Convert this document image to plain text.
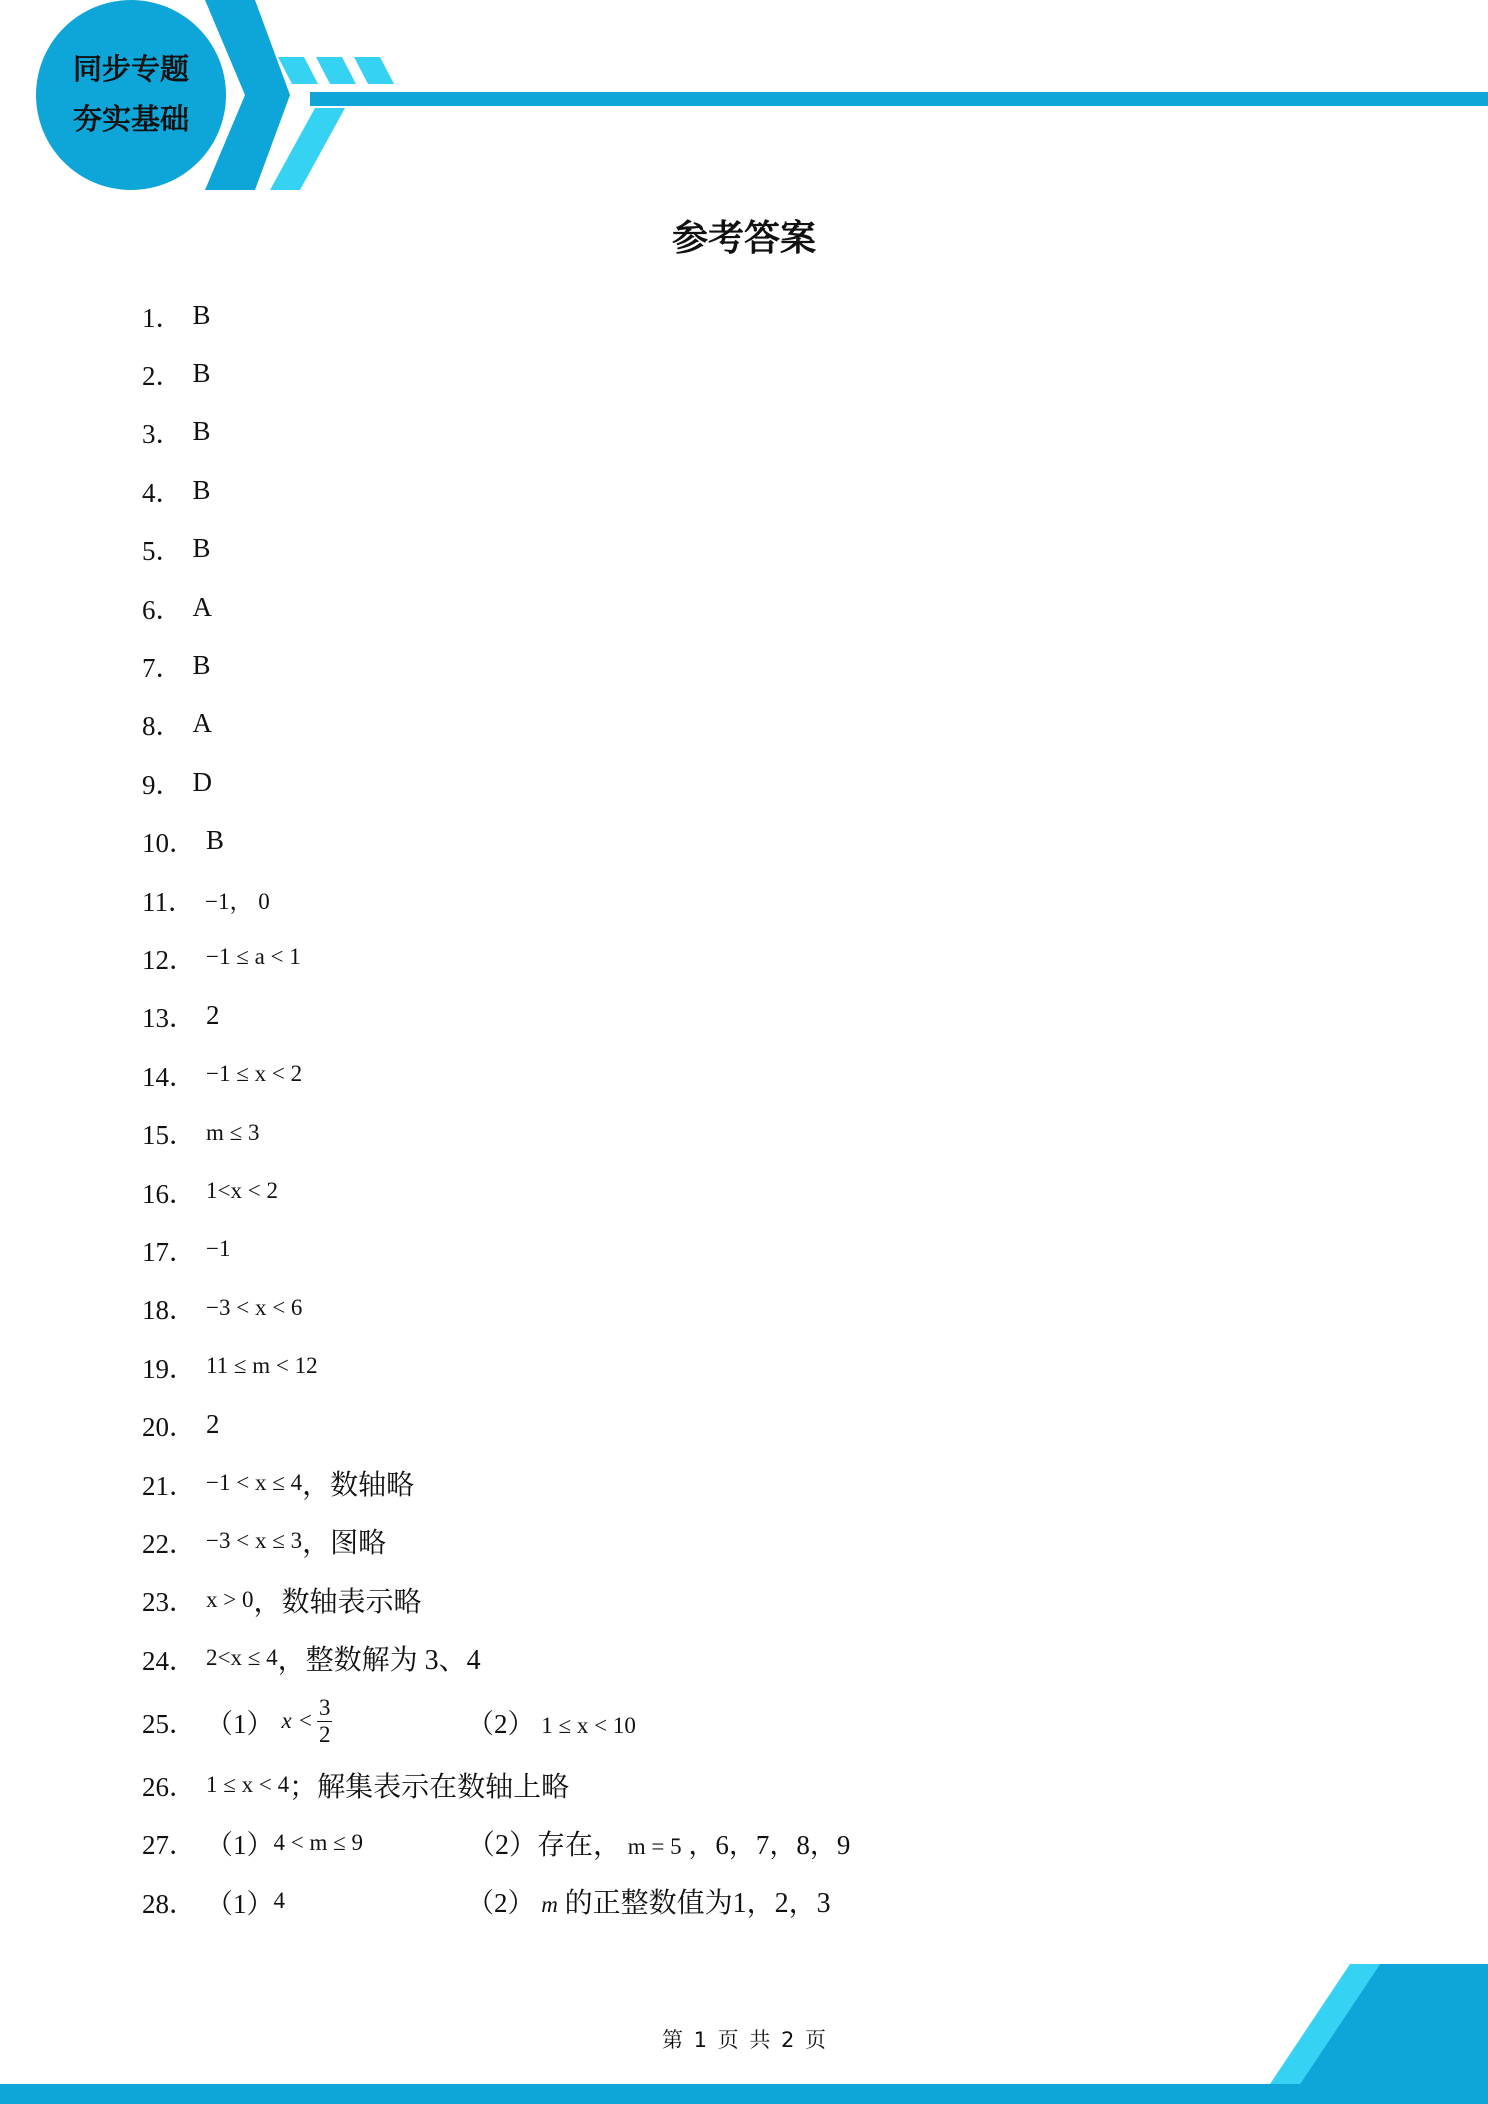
同步专题
夯实基础
参考答案
1． B
2． B
3． B
4． B
5． B
6． A
7． B
8． A
9． D
10． B
11． −1， 0
12． −1 ≤ a < 1
13． 2
14． −1 ≤ x < 2
15． m ≤ 3
16． 1<x < 2
17． −1
18． −3 < x < 6
19． 11 ≤ m < 12
20． 2
21． −1 < x ≤ 4 ，数轴略
22． −3 < x ≤ 3 ，图略
23． x > 0 ，数轴表示略
24． 2<x ≤ 4 ，整数解为 3、4
25． （1） $x < \frac{3}{2}$	（2） 1 ≤ x < 10
26． 1 ≤ x < 4 ；解集表示在数轴上略
27． （1） 4 < m ≤ 9	（2）存在， m = 5 ，6，7，8，9
28． （1） 4	（2） m 的正整数值为1，2，3
第 1 页 共 2 页
